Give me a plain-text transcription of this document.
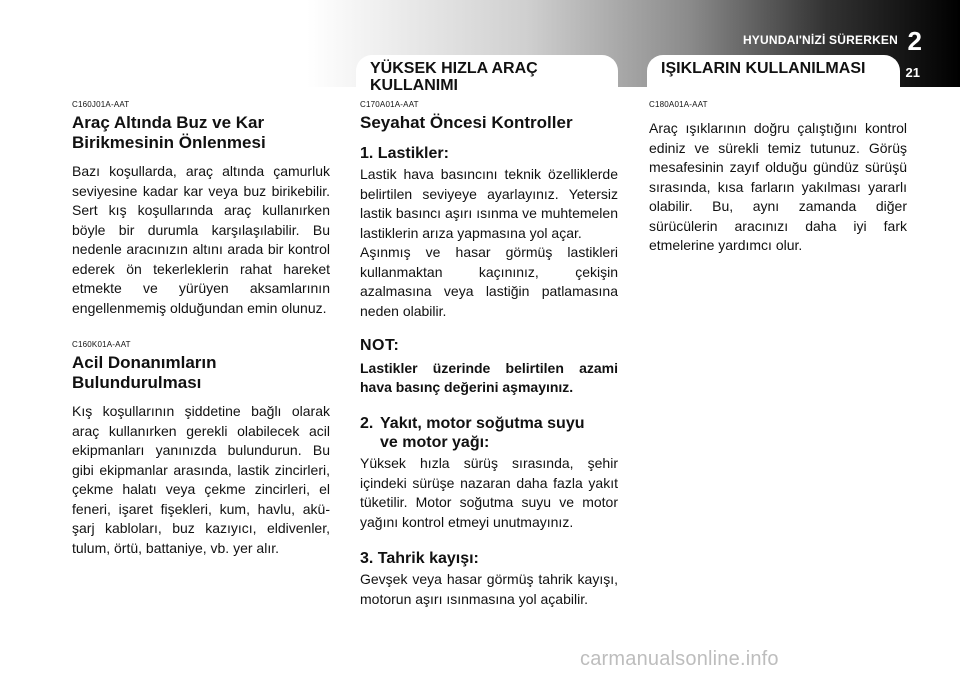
HYUNDAI'NİZİ SÜRERKEN 2
21
YÜKSEK HIZLA ARAÇ KULLANIMI
IŞIKLARIN KULLANILMASI

C160J01A-AAT

Araç Altında Buz ve Kar Birikmesinin Önlenmesi

Bazı koşullarda, araç altında çamurluk seviyesine kadar kar veya buz birikebilir. Sert kış koşullarında araç kullanırken böyle bir durumla karşılaşılabilir. Bu nedenle aracınızın altını arada bir kontrol ederek ön tekerleklerin rahat hareket etmekte ve yürüyen aksamlarının engellenmemiş olduğundan emin olunuz.

C160K01A-AAT

Acil Donanımların Bulundurulması

Kış koşullarının şiddetine bağlı olarak araç kullanırken gerekli olabilecek acil ekipmanları yanınızda bulundurun. Bu gibi ekipmanlar arasında, lastik zincirleri, çekme halatı veya çekme zincirleri, el feneri, işaret fişekleri, kum, havlu, akü-şarj kabloları, buz kazıyıcı, eldivenler, tulum, örtü, battaniye, vb. yer alır.

C170A01A-AAT

Seyahat Öncesi Kontroller
1. Lastikler:

Lastik hava basıncını teknik özelliklerde belirtilen seviyeye ayarlayınız. Yetersiz lastik basıncı aşırı ısınma ve muhtemelen lastiklerin arıza yapmasına yol açar.

Aşınmış ve hasar görmüş lastikleri kullanmaktan kaçınınız, çekişin azalmasına veya lastiğin patlamasına neden olabilir.

NOT:

Lastikler üzerinde belirtilen azami hava basınç değerini aşmayınız.

2. Yakıt, motor soğutma suyu
ve motor yağı:

Yüksek hızla sürüş sırasında, şehir içindeki sürüşe nazaran daha fazla yakıt tüketilir. Motor soğutma suyu ve motor yağını kontrol etmeyi unutmayınız.

3. Tahrik kayışı:

Gevşek veya hasar görmüş tahrik kayışı, motorun aşırı ısınmasına yol açabilir.

C180A01A-AAT

Araç ışıklarının doğru çalıştığını kontrol ediniz ve sürekli temiz tutunuz. Görüş mesafesinin zayıf olduğu gündüz sürüşü sırasında, kısa farların yakılması yararlı olabilir. Bu, aynı zamanda diğer sürücülerin aracınızı daha iyi fark etmelerine yardımcı olur.

carmanualsonline.info
